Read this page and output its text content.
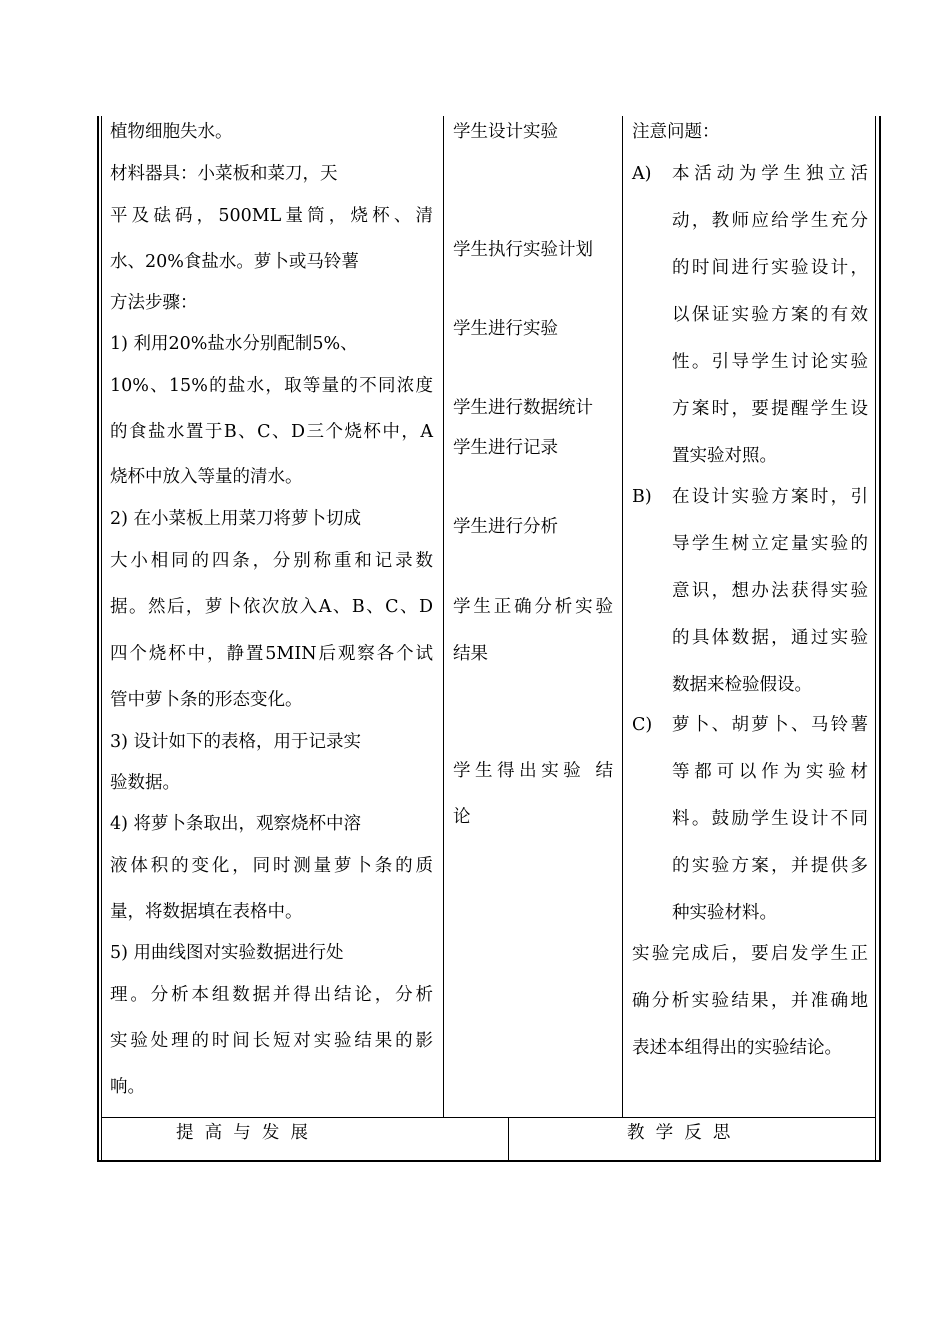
植物细胞失水。
材料器具：小菜板和菜刀，天
平及砝码，500ML量筒，烧杯、清
水、20%食盐水。萝卜或马铃薯
方法步骤：
1) 利用20%盐水分别配制5%、
10%、15%的盐水，取等量的不同浓度
的食盐水置于B、C、D三个烧杯中，A
烧杯中放入等量的清水。
2) 在小菜板上用菜刀将萝卜切成
大小相同的四条，分别称重和记录数
据。然后，萝卜依次放入A、B、C、D
四个烧杯中，静置5MIN后观察各个试
管中萝卜条的形态变化。
3) 设计如下的表格，用于记录实
验数据。
4) 将萝卜条取出，观察烧杯中溶
液体积的变化，同时测量萝卜条的质
量，将数据填在表格中。
5) 用曲线图对实验数据进行处
理。分析本组数据并得出结论，分析
实验处理的时间长短对实验结果的影
响。
学生设计实验
学生执行实验计划
学生进行实验
学生进行数据统计
学生进行记录
学生进行分析
学生正确分析实验
结果
学生得出实验 结
论
注意问题：
A) 本活动为学生独立活
动，教师应给学生充分
的时间进行实验设计，
以保证实验方案的有效
性。引导学生讨论实验
方案时，要提醒学生设
置实验对照。
B) 在设计实验方案时，引
导学生树立定量实验的
意识，想办法获得实验
的具体数据，通过实验
数据来检验假设。
C) 萝卜、胡萝卜、马铃薯
等都可以作为实验材
料。鼓励学生设计不同
的实验方案，并提供多
种实验材料。
实验完成后，要启发学生正
确分析实验结果，并准确地
表述本组得出的实验结论。
提  高  与  发  展	教  学  反  思
